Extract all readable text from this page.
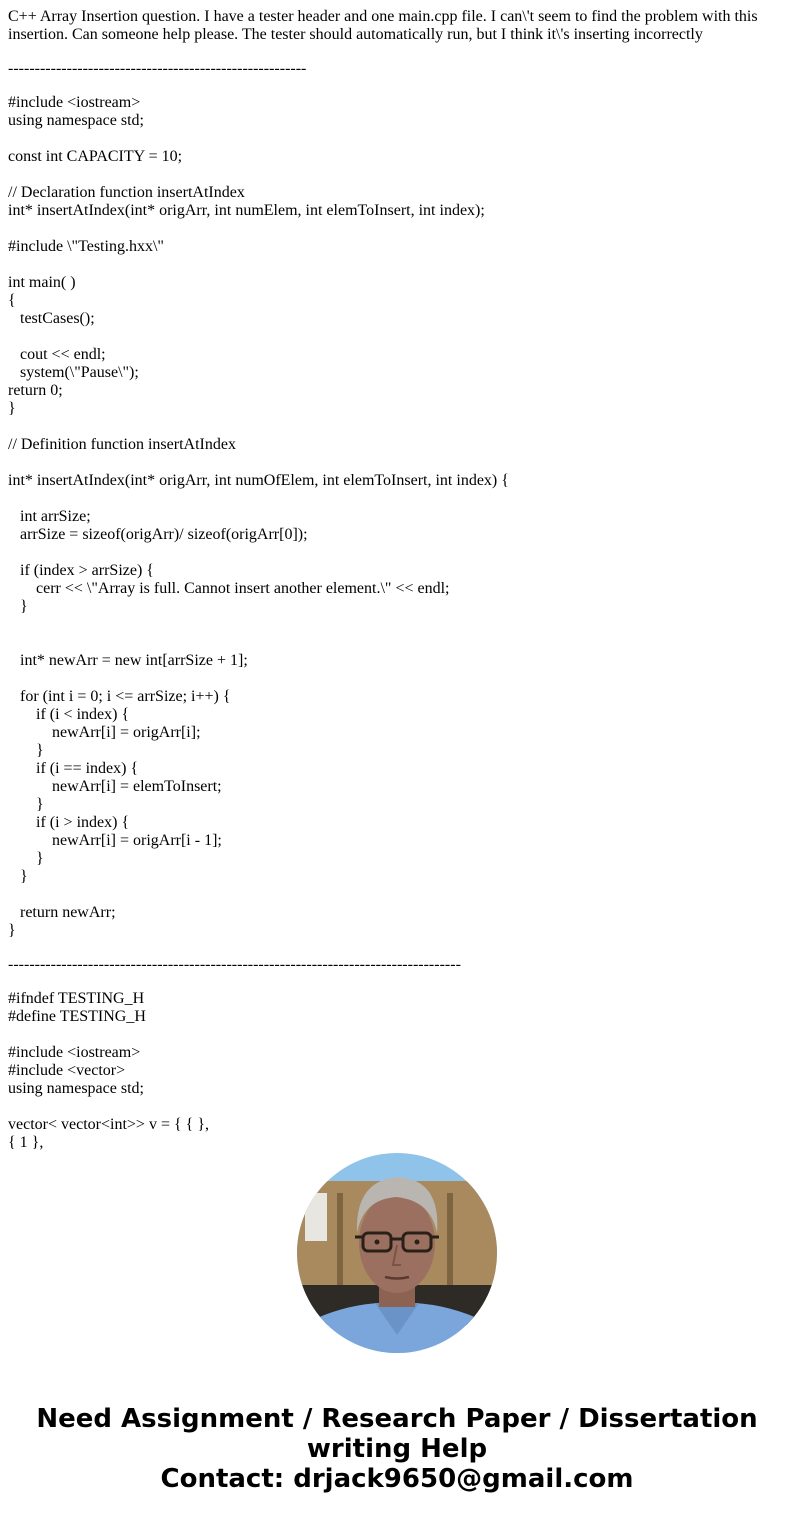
C++ Array Insertion question. I have a tester header and one main.cpp file. I can\'t seem to find the problem with this insertion. Can someone help please. The tester should automatically run, but I think it\'s inserting incorrectly

--------------------------------------------------------
#include <iostream>
using namespace std;
const int CAPACITY = 10;
// Declaration function insertAtIndex
int* insertAtIndex(int* origArr, int numElem, int elemToInsert, int index);
#include \"Testing.hxx\"
int main( )
{
testCases();
cout << endl;
system(\"Pause\");
return 0;
}
// Definition function insertAtIndex
int* insertAtIndex(int* origArr, int numOfElem, int elemToInsert, int index) {
int arrSize;
arrSize = sizeof(origArr)/ sizeof(origArr[0]);
if (index > arrSize) {
cerr << \"Array is full. Cannot insert another element.\" << endl;
}
int* newArr = new int[arrSize + 1];
for (int i = 0; i <= arrSize; i++) {
if (i < index) {
newArr[i] = origArr[i];
}
if (i == index) {
newArr[i] = elemToInsert;
}
if (i > index) {
newArr[i] = origArr[i - 1];
}
}
return newArr;
}
-------------------------------------------------------------------------------------
#ifndef TESTING_H
#define TESTING_H
#include <iostream>
#include <vector>
using namespace std;
vector< vector<int>> v = { { },
{ 1 },
Need Assignment / Research Paper / Dissertation
writing Help
Contact: drjack9650@gmail.com
